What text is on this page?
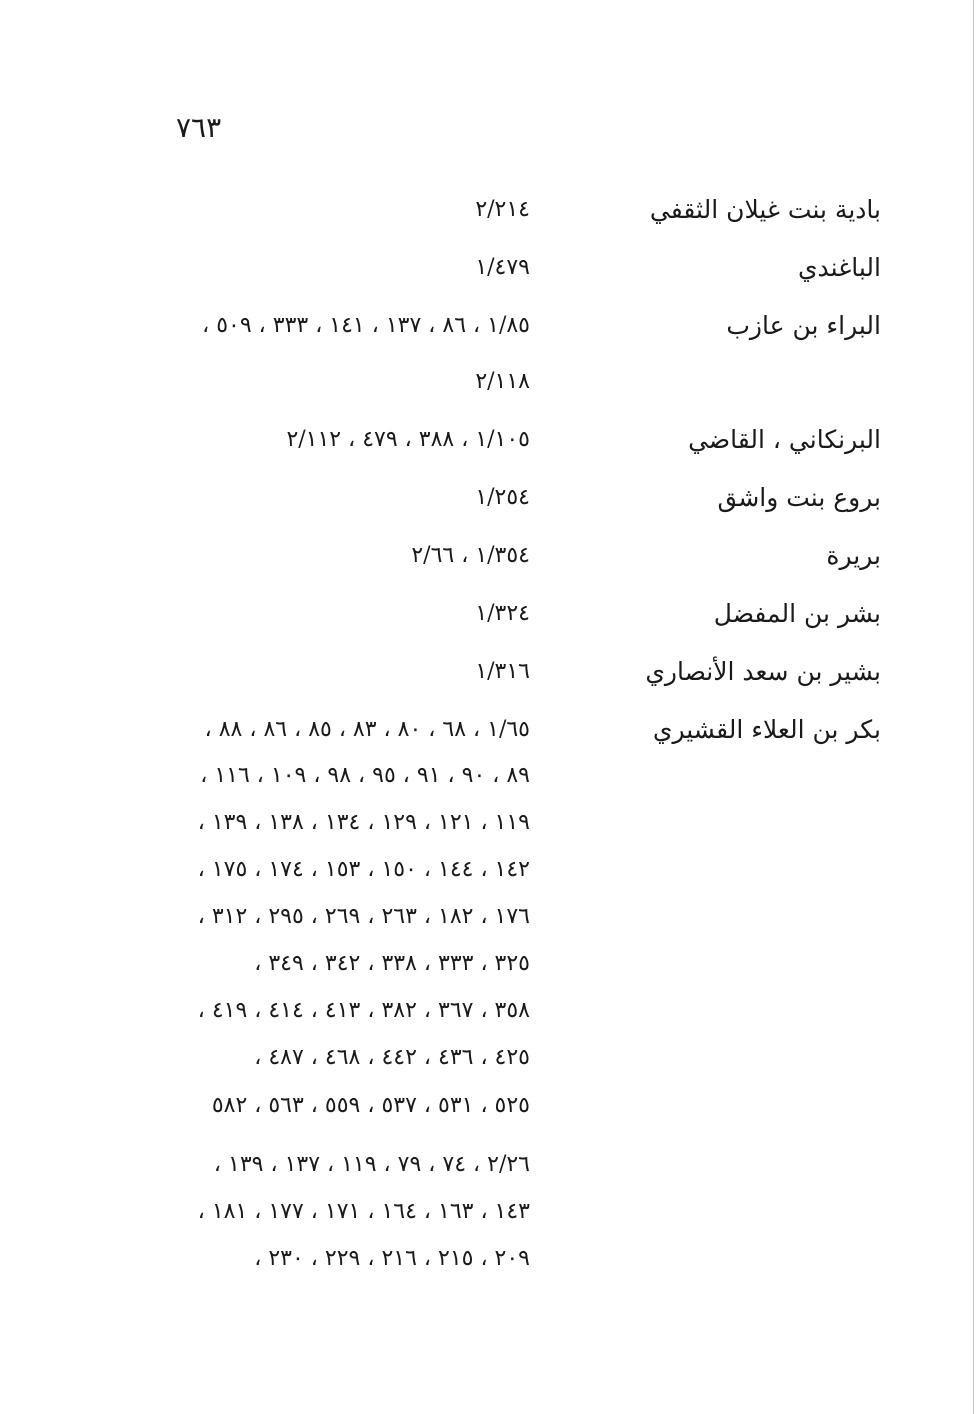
٧٦٣
بادية بنت غيلان الثقفي
٢/٢١٤
الباغندي
١/٤٧٩
البراء بن عازب
١/٨٥ ، ٨٦ ، ١٣٧ ، ١٤١ ، ٣٣٣ ، ٥٠٩ ،
٢/١١٨
البرنكاني ، القاضي
١/١٠٥ ، ٣٨٨ ، ٤٧٩ ، ٢/١١٢
بروع بنت واشق
١/٢٥٤
بريرة
١/٣٥٤ ، ٢/٦٦
بشر بن المفضل
١/٣٢٤
بشير بن سعد الأنصاري
١/٣١٦
بكر بن العلاء القشيري
١/٦٥ ، ٦٨ ، ٨٠ ، ٨٣ ، ٨٥ ، ٨٦ ، ٨٨ ،
٨٩ ، ٩٠ ، ٩١ ، ٩٥ ، ٩٨ ، ١٠٩ ، ١١٦ ،
١١٩ ، ١٢١ ، ١٢٩ ، ١٣٤ ، ١٣٨ ، ١٣٩ ،
١٤٢ ، ١٤٤ ، ١٥٠ ، ١٥٣ ، ١٧٤ ، ١٧٥ ،
١٧٦ ، ١٨٢ ، ٢٦٣ ، ٢٦٩ ، ٢٩٥ ، ٣١٢ ،
٣٢٥ ، ٣٣٣ ، ٣٣٨ ، ٣٤٢ ، ٣٤٩ ،
٣٥٨ ، ٣٦٧ ، ٣٨٢ ، ٤١٣ ، ٤١٤ ، ٤١٩ ،
٤٢٥ ، ٤٣٦ ، ٤٤٢ ، ٤٦٨ ، ٤٨٧ ،
٥٢٥ ، ٥٣١ ، ٥٣٧ ، ٥٥٩ ، ٥٦٣ ، ٥٨٢
٢/٢٦ ، ٧٤ ، ٧٩ ، ١١٩ ، ١٣٧ ، ١٣٩ ،
١٤٣ ، ١٦٣ ، ١٦٤ ، ١٧١ ، ١٧٧ ، ١٨١ ،
٢٠٩ ، ٢١٥ ، ٢١٦ ، ٢٢٩ ، ٢٣٠ ،
